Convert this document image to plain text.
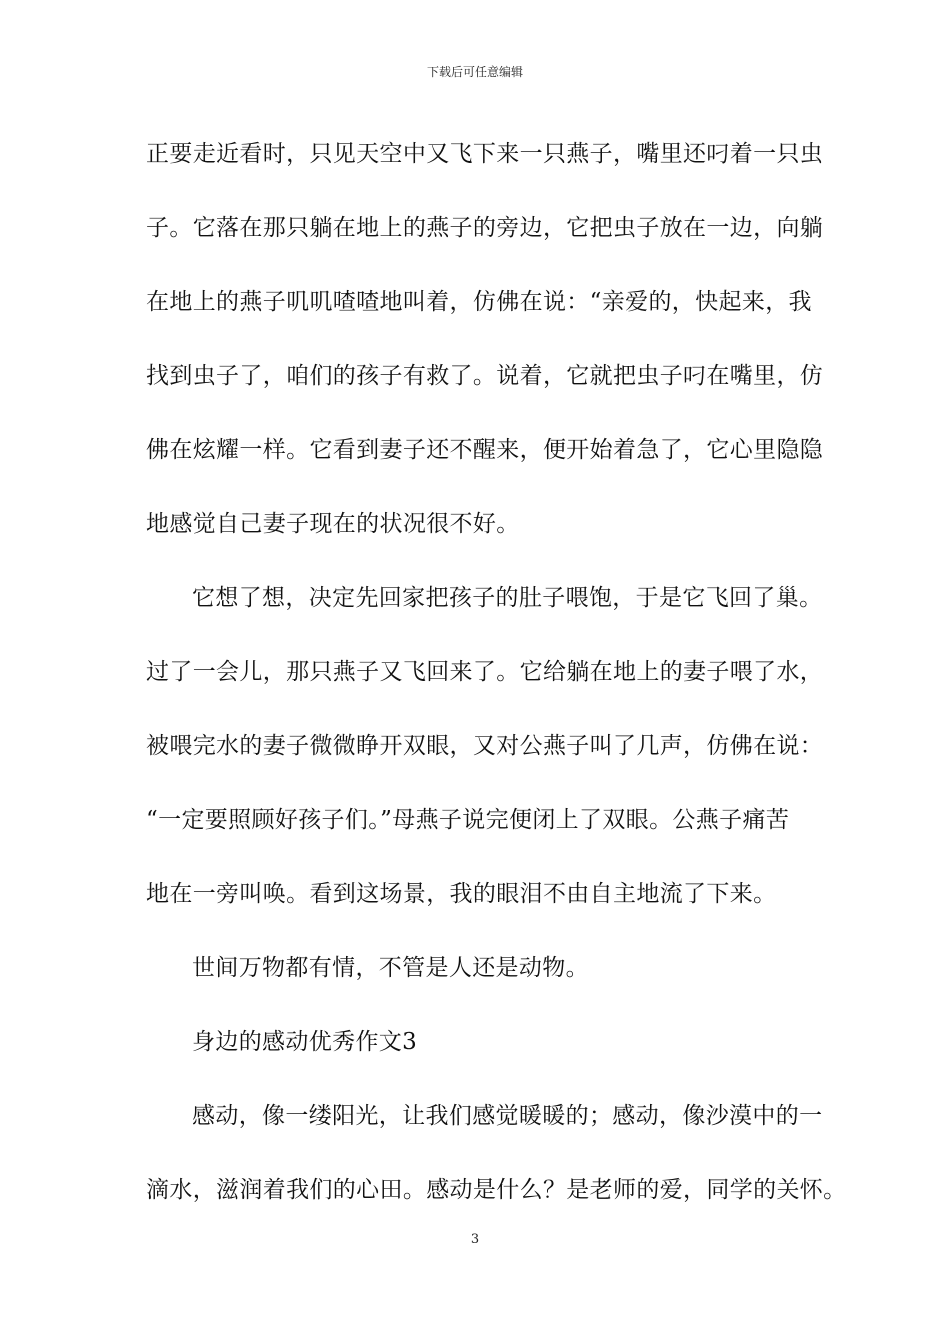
下载后可任意编辑
正要走近看时，只见天空中又飞下来一只燕子，嘴里还叼着一只虫
子。它落在那只躺在地上的燕子的旁边，它把虫子放在一边，向躺
在地上的燕子叽叽喳喳地叫着，仿佛在说：“亲爱的，快起来，我
找到虫子了，咱们的孩子有救了。说着，它就把虫子叼在嘴里，仿
佛在炫耀一样。它看到妻子还不醒来，便开始着急了，它心里隐隐
地感觉自己妻子现在的状况很不好。
它想了想，决定先回家把孩子的肚子喂饱，于是它飞回了巢。
过了一会儿，那只燕子又飞回来了。它给躺在地上的妻子喂了水，
被喂完水的妻子微微睁开双眼，又对公燕子叫了几声，仿佛在说：
“一定要照顾好孩子们。”母燕子说完便闭上了双眼。公燕子痛苦
地在一旁叫唤。看到这场景，我的眼泪不由自主地流了下来。
世间万物都有情，不管是人还是动物。
身边的感动优秀作文3
感动，像一缕阳光，让我们感觉暖暖的；感动，像沙漠中的一
滴水，滋润着我们的心田。感动是什么？是老师的爱，同学的关怀。
3
